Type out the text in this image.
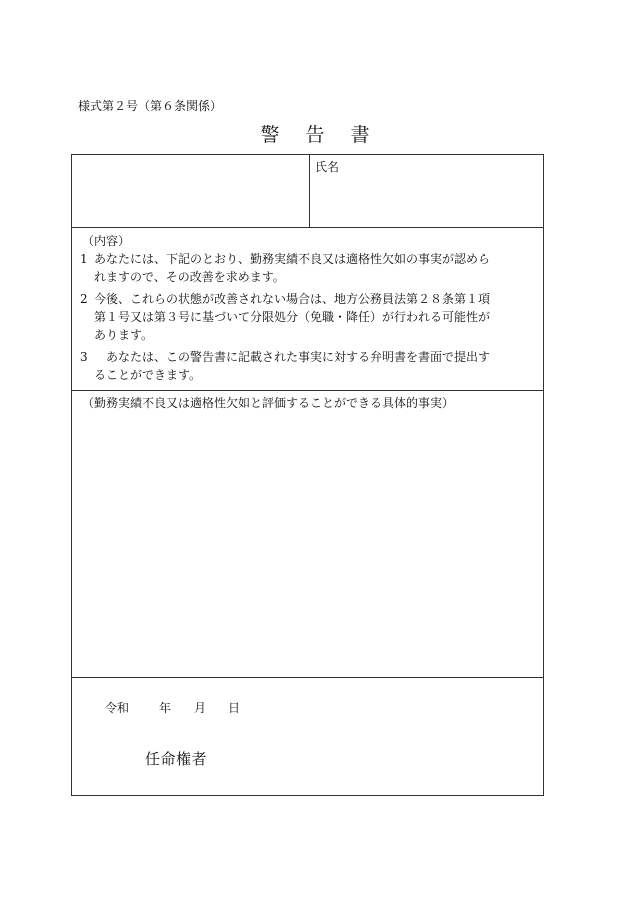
様式第２号（第６条関係）
警 告 書
氏名
（内容）
1 あなたには、下記のとおり、勤務実績不良又は適格性欠如の事実が認めら
れますので、その改善を求めます。
2 今後、これらの状態が改善されない場合は、地方公務員法第２８条第１項
第１号又は第３号に基づいて分限処分（免職・降任）が行われる可能性が
あります。
3 　あなたは、この警告書に記載された事実に対する弁明書を書面で提出す
ることができます。
（勤務実績不良又は適格性欠如と評価することができる具体的事実）
令和 年 月 日
任命権者
